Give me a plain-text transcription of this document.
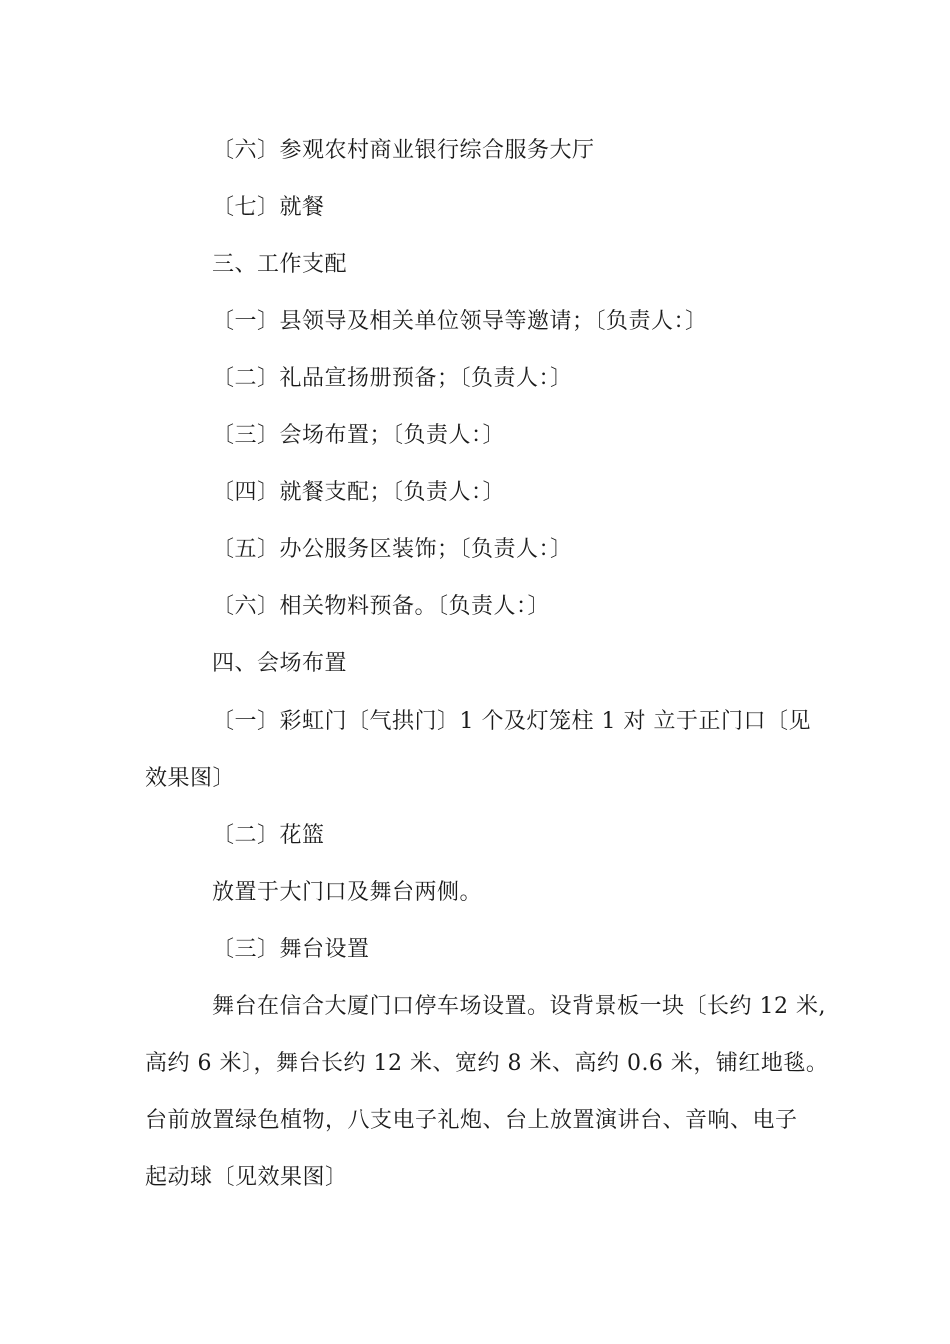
〔六〕参观农村商业银行综合服务大厅
〔七〕就餐
三、工作支配
〔一〕县领导及相关单位领导等邀请；〔负责人：〕
〔二〕礼品宣扬册预备；〔负责人：〕
〔三〕会场布置；〔负责人：〕
〔四〕就餐支配；〔负责人：〕
〔五〕办公服务区装饰；〔负责人：〕
〔六〕相关物料预备。〔负责人：〕
四、会场布置
〔一〕彩虹门〔气拱门〕1 个及灯笼柱 1 对 立于正门口〔见
效果图〕
〔二〕花篮
放置于大门口及舞台两侧。
〔三〕舞台设置
舞台在信合大厦门口停车场设置。设背景板一块〔长约 12 米,
高约 6 米〕，舞台长约 12 米、宽约 8 米、高约 0.6 米，铺红地毯。
台前放置绿色植物，八支电子礼炮、台上放置演讲台、音响、电子
起动球〔见效果图〕
